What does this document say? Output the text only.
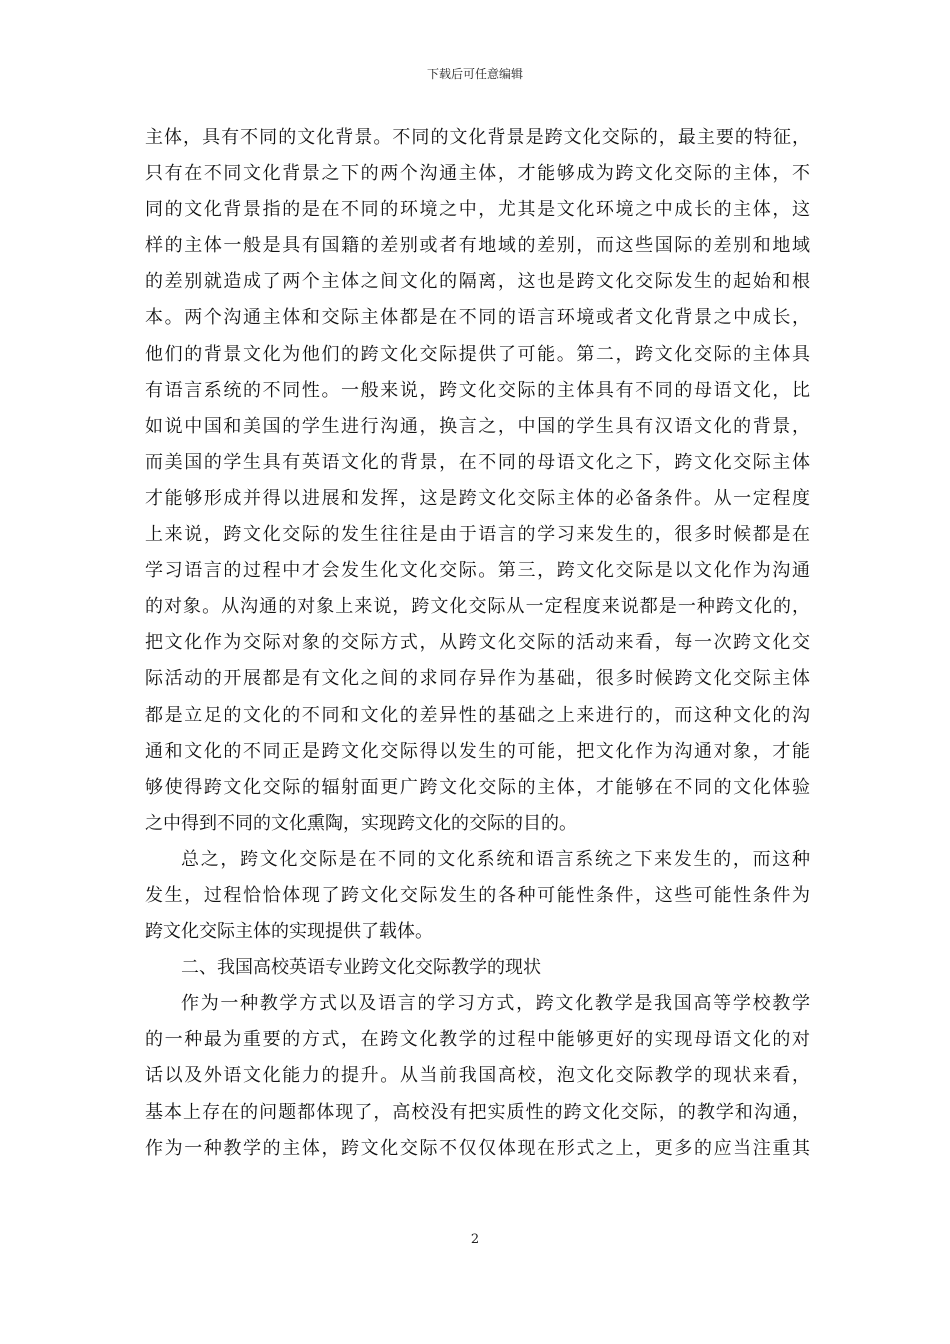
下载后可任意编辑
主体，具有不同的文化背景。不同的文化背景是跨文化交际的，最主要的特征，
只有在不同文化背景之下的两个沟通主体，才能够成为跨文化交际的主体，不
同的文化背景指的是在不同的环境之中，尤其是文化环境之中成长的主体，这
样的主体一般是具有国籍的差别或者有地域的差别，而这些国际的差别和地域
的差别就造成了两个主体之间文化的隔离，这也是跨文化交际发生的起始和根
本。两个沟通主体和交际主体都是在不同的语言环境或者文化背景之中成长，
他们的背景文化为他们的跨文化交际提供了可能。第二，跨文化交际的主体具
有语言系统的不同性。一般来说，跨文化交际的主体具有不同的母语文化，比
如说中国和美国的学生进行沟通，换言之，中国的学生具有汉语文化的背景，
而美国的学生具有英语文化的背景，在不同的母语文化之下，跨文化交际主体
才能够形成并得以进展和发挥，这是跨文化交际主体的必备条件。从一定程度
上来说，跨文化交际的发生往往是由于语言的学习来发生的，很多时候都是在
学习语言的过程中才会发生化文化交际。第三，跨文化交际是以文化作为沟通
的对象。从沟通的对象上来说，跨文化交际从一定程度来说都是一种跨文化的，
把文化作为交际对象的交际方式，从跨文化交际的活动来看，每一次跨文化交
际活动的开展都是有文化之间的求同存异作为基础，很多时候跨文化交际主体
都是立足的文化的不同和文化的差异性的基础之上来进行的，而这种文化的沟
通和文化的不同正是跨文化交际得以发生的可能，把文化作为沟通对象，才能
够使得跨文化交际的辐射面更广跨文化交际的主体，才能够在不同的文化体验
之中得到不同的文化熏陶，实现跨文化的交际的目的。
总之，跨文化交际是在不同的文化系统和语言系统之下来发生的，而这种
发生，过程恰恰体现了跨文化交际发生的各种可能性条件，这些可能性条件为
跨文化交际主体的实现提供了载体。
二、我国高校英语专业跨文化交际教学的现状
作为一种教学方式以及语言的学习方式，跨文化教学是我国高等学校教学
的一种最为重要的方式，在跨文化教学的过程中能够更好的实现母语文化的对
话以及外语文化能力的提升。从当前我国高校，泡文化交际教学的现状来看，
基本上存在的问题都体现了，高校没有把实质性的跨文化交际，的教学和沟通，
作为一种教学的主体，跨文化交际不仅仅体现在形式之上，更多的应当注重其
2
